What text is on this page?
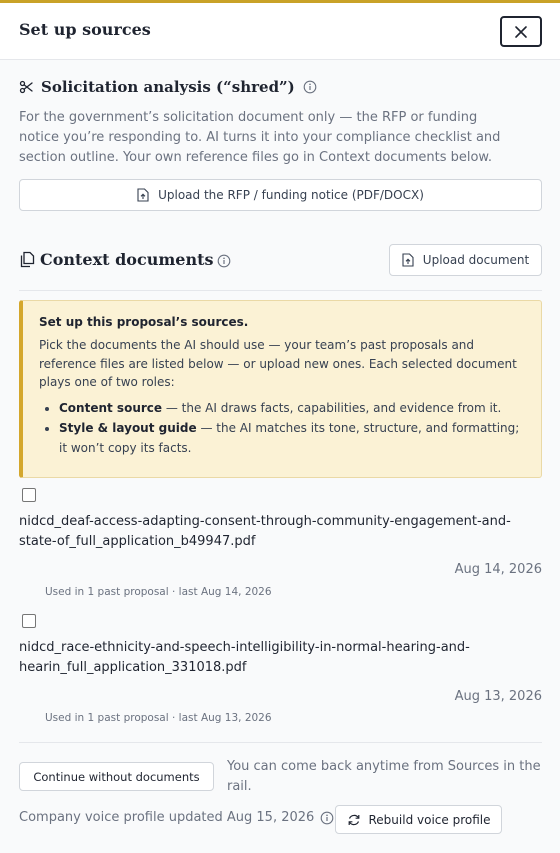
Set up sources
Solicitation analysis (“shred”)
For the government’s solicitation document only — the RFP or funding notice you’re responding to. AI turns it into your compliance checklist and section outline. Your own reference files go in Context documents below.
Upload the RFP / funding notice (PDF/DOCX)
Context documents	Upload document
Set up this proposal’s sources.
Pick the documents the AI should use — your team’s past proposals and reference files are listed below — or upload new ones. Each selected document plays one of two roles:
• Content source — the AI draws facts, capabilities, and evidence from it.
• Style & layout guide — the AI matches its tone, structure, and formatting; it won’t copy its facts.
nidcd_deaf-access-adapting-consent-through-community-engagement-and-state-of_full_application_b49947.pdf
Aug 14, 2026
Used in 1 past proposal · last Aug 14, 2026
nidcd_race-ethnicity-and-speech-intelligibility-in-normal-hearing-and-hearin_full_application_331018.pdf
Aug 13, 2026
Used in 1 past proposal · last Aug 13, 2026
Continue without documents
You can come back anytime from Sources in the rail.
Company voice profile updated Aug 15, 2026	Rebuild voice profile
